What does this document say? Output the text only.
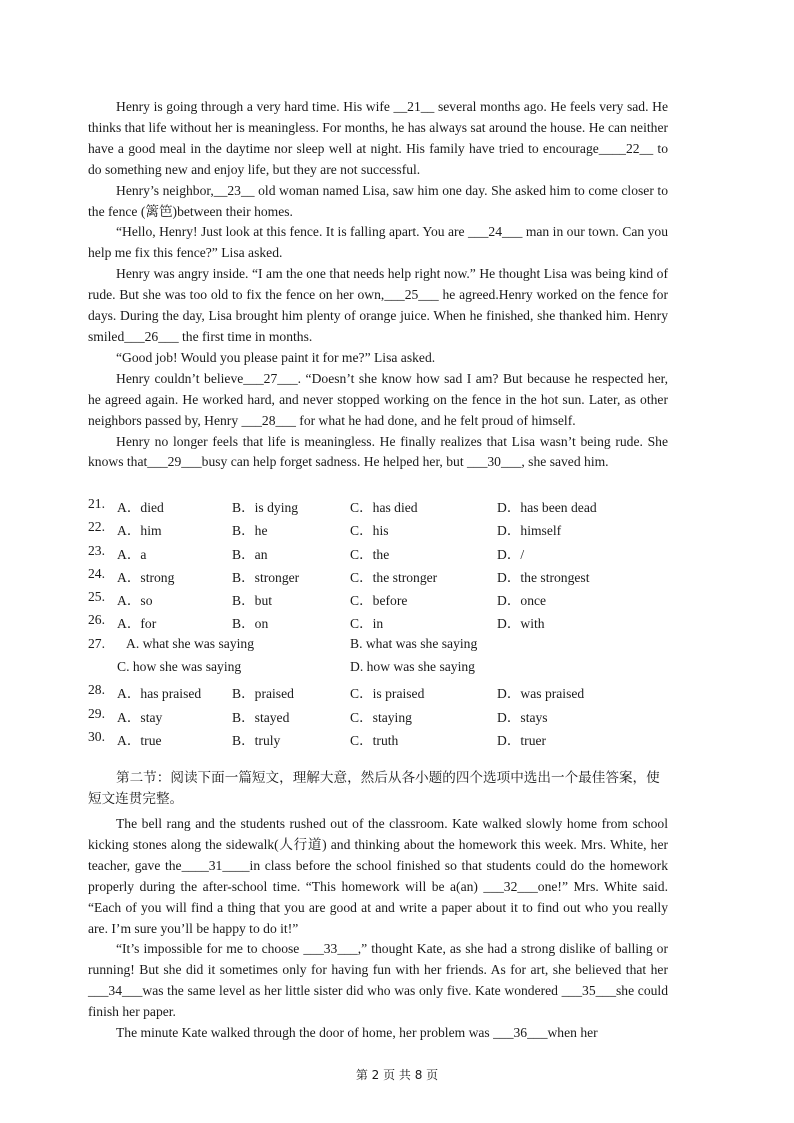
Henry is going through a very hard time. His wife __21__ several months ago. He feels very sad. He thinks that life without her is meaningless. For months, he has always sat around the house. He can neither have a good meal in the daytime nor sleep well at night. His family have tried to encourage____22__ to do something new and enjoy life, but they are not successful.

Henry’s neighbor,__23__ old woman named Lisa, saw him one day. She asked him to come closer to the fence (篱笆)between their homes.

“Hello, Henry! Just look at this fence. It is falling apart. You are ___24___ man in our town. Can you help me fix this fence?” Lisa asked.

Henry was angry inside. “I am the one that needs help right now.” He thought Lisa was being kind of rude. But she was too old to fix the fence on her own,___25___ he agreed.Henry worked on the fence for days. During the day, Lisa brought him plenty of orange juice. When he finished, she thanked him. Henry smiled___26___ the first time in months.

“Good job! Would you please paint it for me?” Lisa asked.

Henry couldn’t believe___27___. “Doesn’t she know how sad I am? But because he respected her, he agreed again. He worked hard, and never stopped working on the fence in the hot sun. Later, as other neighbors passed by, Henry ___28___ for what he had done, and he felt proud of himself.

Henry no longer feels that life is meaningless. He finally realizes that Lisa wasn’t being rude. She knows that___29___busy can help forget sadness. He helped her, but ___30___, she saved him.

21. A．died	B．is dying	C．has died	D．has been dead
22. A．him	B．he	C．his	D．himself
23. A．a	B．an	C．the	D．/
24. A．strong	B．stronger	C．the stronger	D．the strongest
25. A．so	B．but	C．before	D．once
26. A．for	B．on	C．in	D．with
27. A. what she was saying	B. what was she saying
C. how she was saying	D. how was she saying
28. A．has praised B．praised	C．is praised	D．was praised
29. A．stay	B．stayed	C．staying	D．stays
30. A．true	B．truly	C．truth	D．truer
第二节：阅读下面一篇短文，理解大意，然后从各小题的四个选项中选出一个最佳答案，使短文连贯完整。

The bell rang and the students rushed out of the classroom. Kate walked slowly home from school kicking stones along the sidewalk(人行道) and thinking about the homework this week. Mrs. White, her teacher, gave the____31____in class before the school finished so that students could do the homework properly during the after-school time. “This homework will be a(an) ___32___one!” Mrs. White said. “Each of you will find a thing that you are good at and write a paper about it to find out who you really are. I’m sure you’ll be happy to do it!”

“It’s impossible for me to choose ___33___,” thought Kate, as she had a strong dislike of balling or running! But she did it sometimes only for having fun with her friends. As for art, she believed that her ___34___was the same level as her little sister did who was only five. Kate wondered ___35___she could finish her paper.

The minute Kate walked through the door of home, her problem was ___36___when her

第 2 页 共 8 页
